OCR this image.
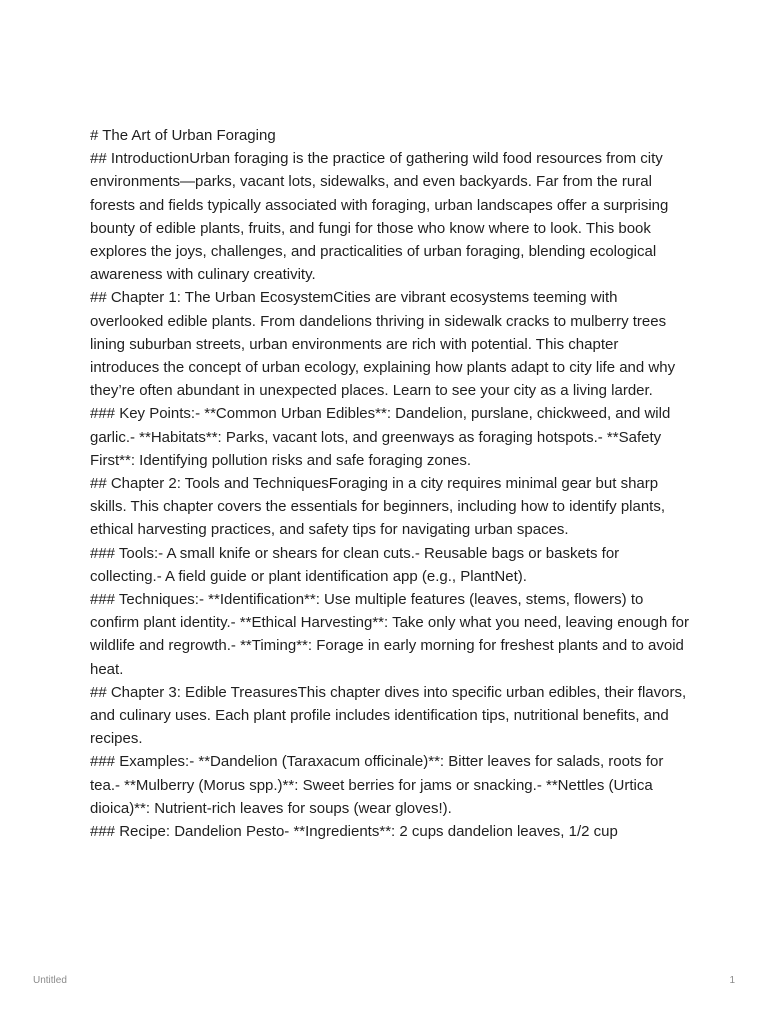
# The Art of Urban Foraging

## IntroductionUrban foraging is the practice of gathering wild food resources from city environments—parks, vacant lots, sidewalks, and even backyards. Far from the rural forests and fields typically associated with foraging, urban landscapes offer a surprising bounty of edible plants, fruits, and fungi for those who know where to look. This book explores the joys, challenges, and practicalities of urban foraging, blending ecological awareness with culinary creativity.

## Chapter 1: The Urban EcosystemCities are vibrant ecosystems teeming with overlooked edible plants. From dandelions thriving in sidewalk cracks to mulberry trees lining suburban streets, urban environments are rich with potential. This chapter introduces the concept of urban ecology, explaining how plants adapt to city life and why they’re often abundant in unexpected places. Learn to see your city as a living larder.

### Key Points:- **Common Urban Edibles**: Dandelion, purslane, chickweed, and wild garlic.- **Habitats**: Parks, vacant lots, and greenways as foraging hotspots.- **Safety First**: Identifying pollution risks and safe foraging zones.

## Chapter 2: Tools and TechniquesForaging in a city requires minimal gear but sharp skills. This chapter covers the essentials for beginners, including how to identify plants, ethical harvesting practices, and safety tips for navigating urban spaces.

### Tools:- A small knife or shears for clean cuts.- Reusable bags or baskets for collecting.- A field guide or plant identification app (e.g., PlantNet).

### Techniques:- **Identification**: Use multiple features (leaves, stems, flowers) to confirm plant identity.- **Ethical Harvesting**: Take only what you need, leaving enough for wildlife and regrowth.- **Timing**: Forage in early morning for freshest plants and to avoid heat.

## Chapter 3: Edible TreasuresThis chapter dives into specific urban edibles, their flavors, and culinary uses. Each plant profile includes identification tips, nutritional benefits, and recipes.

### Examples:- **Dandelion (Taraxacum officinale)**: Bitter leaves for salads, roots for tea.- **Mulberry (Morus spp.)**: Sweet berries for jams or snacking.- **Nettles (Urtica dioica)**: Nutrient-rich leaves for soups (wear gloves!).

### Recipe: Dandelion Pesto- **Ingredients**: 2 cups dandelion leaves, 1/2 cup

Untitled	1
